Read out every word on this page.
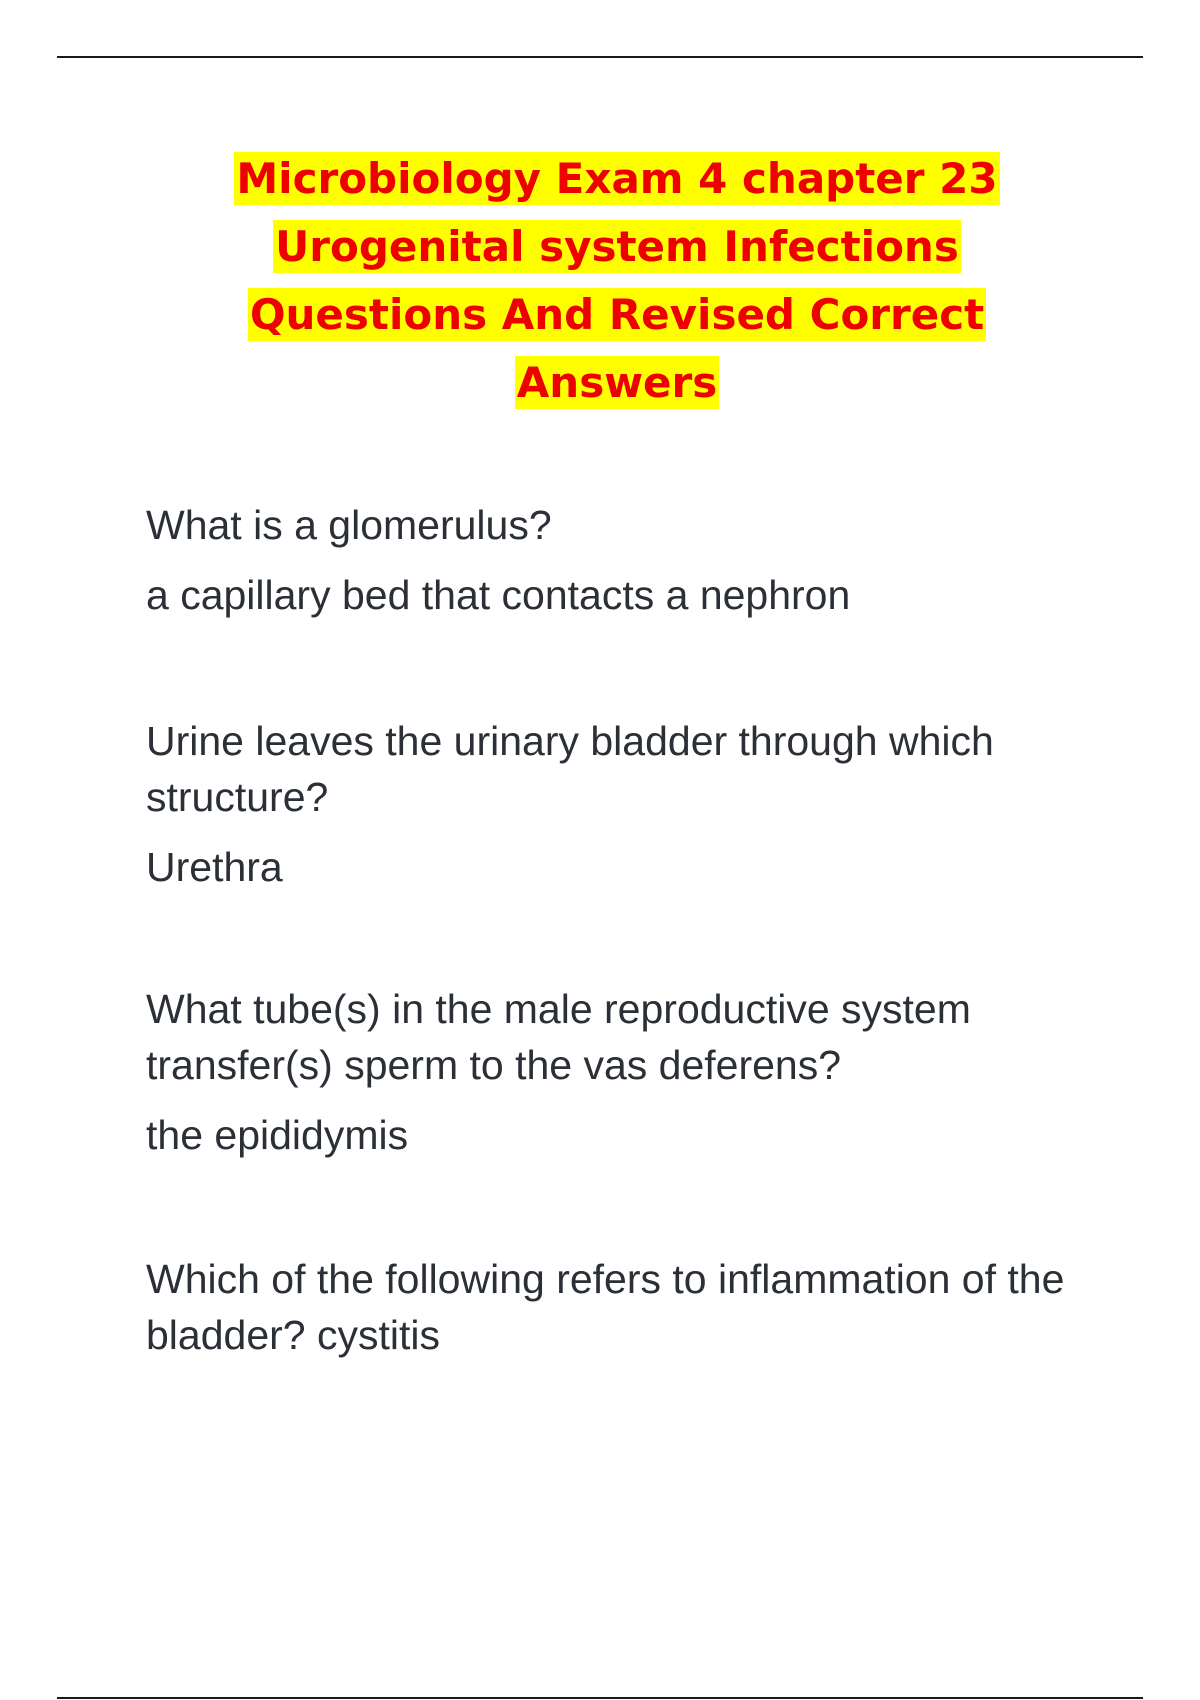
Microbiology Exam 4 chapter 23
Urogenital system Infections
Questions And Revised Correct
Answers

What is a glomerulus?

a capillary bed that contacts a nephron

Urine leaves the urinary bladder through which structure?

Urethra

What tube(s) in the male reproductive system transfer(s) sperm to the vas deferens?

the epididymis

Which of the following refers to inflammation of the bladder? cystitis
